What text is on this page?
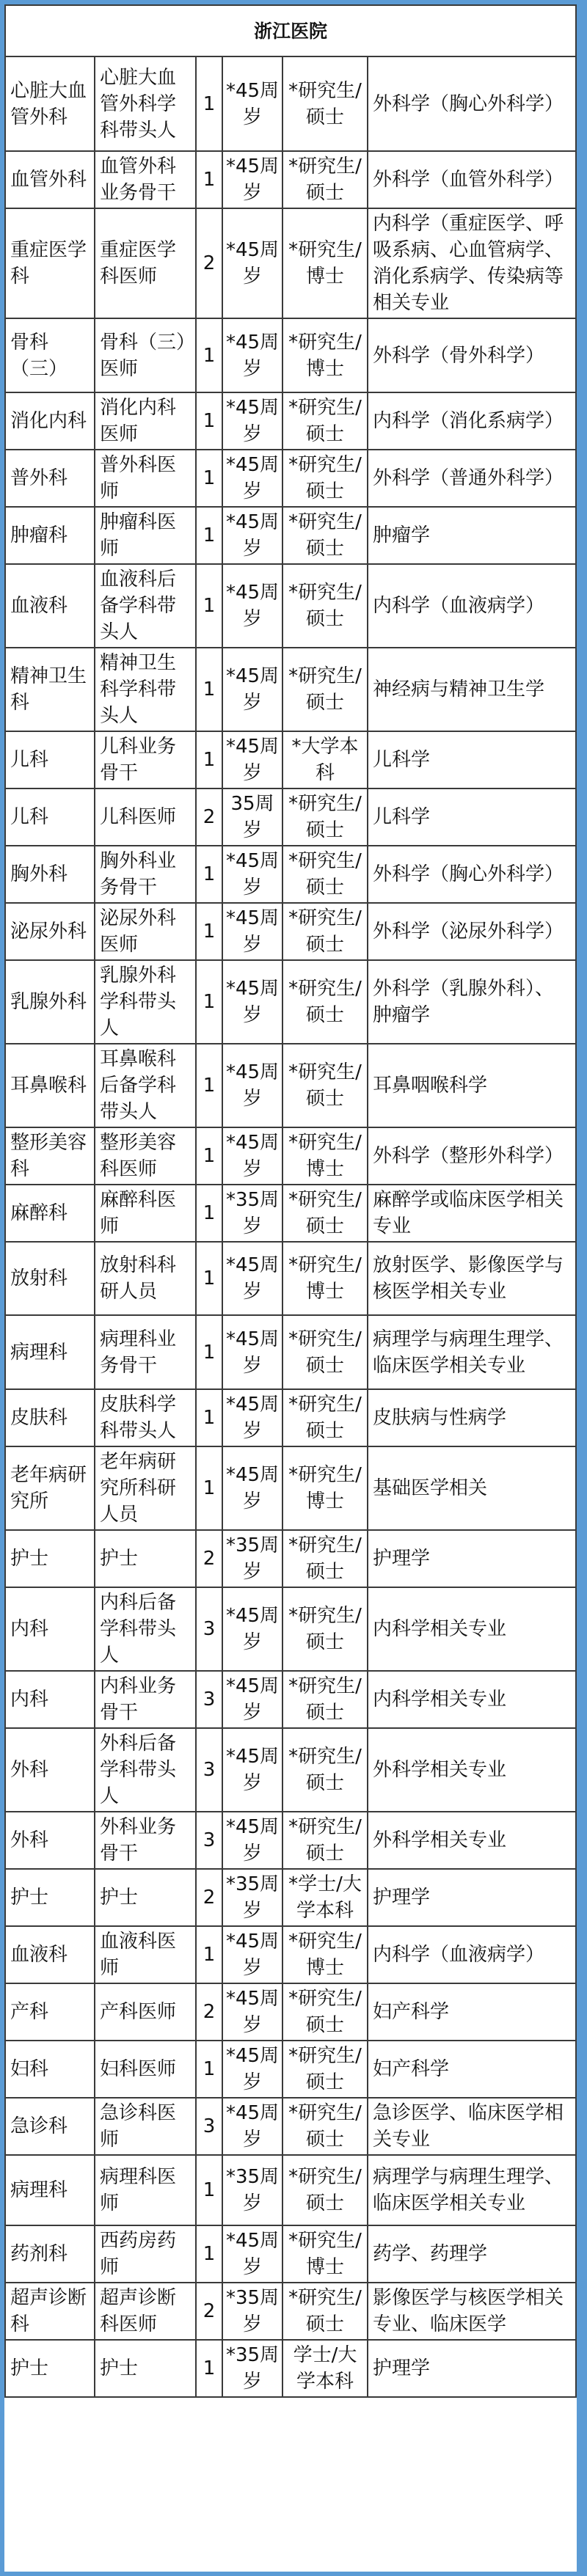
浙江医院
心脏大血管外科	心脏大血管外科学科带头人	1	*45周岁	*研究生/硕士	外科学（胸心外科学）
血管外科	血管外科业务骨干	1	*45周岁	*研究生/硕士	外科学（血管外科学）
重症医学科	重症医学科医师	2	*45周岁	*研究生/博士	内科学（重症医学、呼吸系病、心血管病学、消化系病学、传染病等相关专业
骨科（三）	骨科（三）医师	1	*45周岁	*研究生/博士	外科学（骨外科学）
消化内科	消化内科医师	1	*45周岁	*研究生/硕士	内科学（消化系病学）
普外科	普外科医师	1	*45周岁	*研究生/硕士	外科学（普通外科学）
肿瘤科	肿瘤科医师	1	*45周岁	*研究生/硕士	肿瘤学
血液科	血液科后备学科带头人	1	*45周岁	*研究生/硕士	内科学（血液病学）
精神卫生科	精神卫生科学科带头人	1	*45周岁	*研究生/硕士	神经病与精神卫生学
儿科	儿科业务骨干	1	*45周岁	*大学本科	儿科学
儿科	儿科医师	2	35周岁	*研究生/硕士	儿科学
胸外科	胸外科业务骨干	1	*45周岁	*研究生/硕士	外科学（胸心外科学）
泌尿外科	泌尿外科医师	1	*45周岁	*研究生/硕士	外科学（泌尿外科学）
乳腺外科	乳腺外科学科带头人	1	*45周岁	*研究生/硕士	外科学（乳腺外科）、肿瘤学
耳鼻喉科	耳鼻喉科后备学科带头人	1	*45周岁	*研究生/硕士	耳鼻咽喉科学
整形美容科	整形美容科医师	1	*45周岁	*研究生/博士	外科学（整形外科学）
麻醉科	麻醉科医师	1	*35周岁	*研究生/硕士	麻醉学或临床医学相关专业
放射科	放射科科研人员	1	*45周岁	*研究生/博士	放射医学、影像医学与核医学相关专业
病理科	病理科业务骨干	1	*45周岁	*研究生/硕士	病理学与病理生理学、临床医学相关专业
皮肤科	皮肤科学科带头人	1	*45周岁	*研究生/硕士	皮肤病与性病学
老年病研究所	老年病研究所科研人员	1	*45周岁	*研究生/博士	基础医学相关
护士	护士	2	*35周岁	*研究生/硕士	护理学
内科	内科后备学科带头人	3	*45周岁	*研究生/硕士	内科学相关专业
内科	内科业务骨干	3	*45周岁	*研究生/硕士	内科学相关专业
外科	外科后备学科带头人	3	*45周岁	*研究生/硕士	外科学相关专业
外科	外科业务骨干	3	*45周岁	*研究生/硕士	外科学相关专业
护士	护士	2	*35周岁	*学士/大学本科	护理学
血液科	血液科医师	1	*45周岁	*研究生/博士	内科学（血液病学）
产科	产科医师	2	*45周岁	*研究生/硕士	妇产科学
妇科	妇科医师	1	*45周岁	*研究生/硕士	妇产科学
急诊科	急诊科医师	3	*45周岁	*研究生/硕士	急诊医学、临床医学相关专业
病理科	病理科医师	1	*35周岁	*研究生/硕士	病理学与病理生理学、临床医学相关专业
药剂科	西药房药师	1	*45周岁	*研究生/博士	药学、药理学
超声诊断科	超声诊断科医师	2	*35周岁	*研究生/硕士	影像医学与核医学相关专业、临床医学
护士	护士	1	*35周岁	学士/大学本科	护理学
